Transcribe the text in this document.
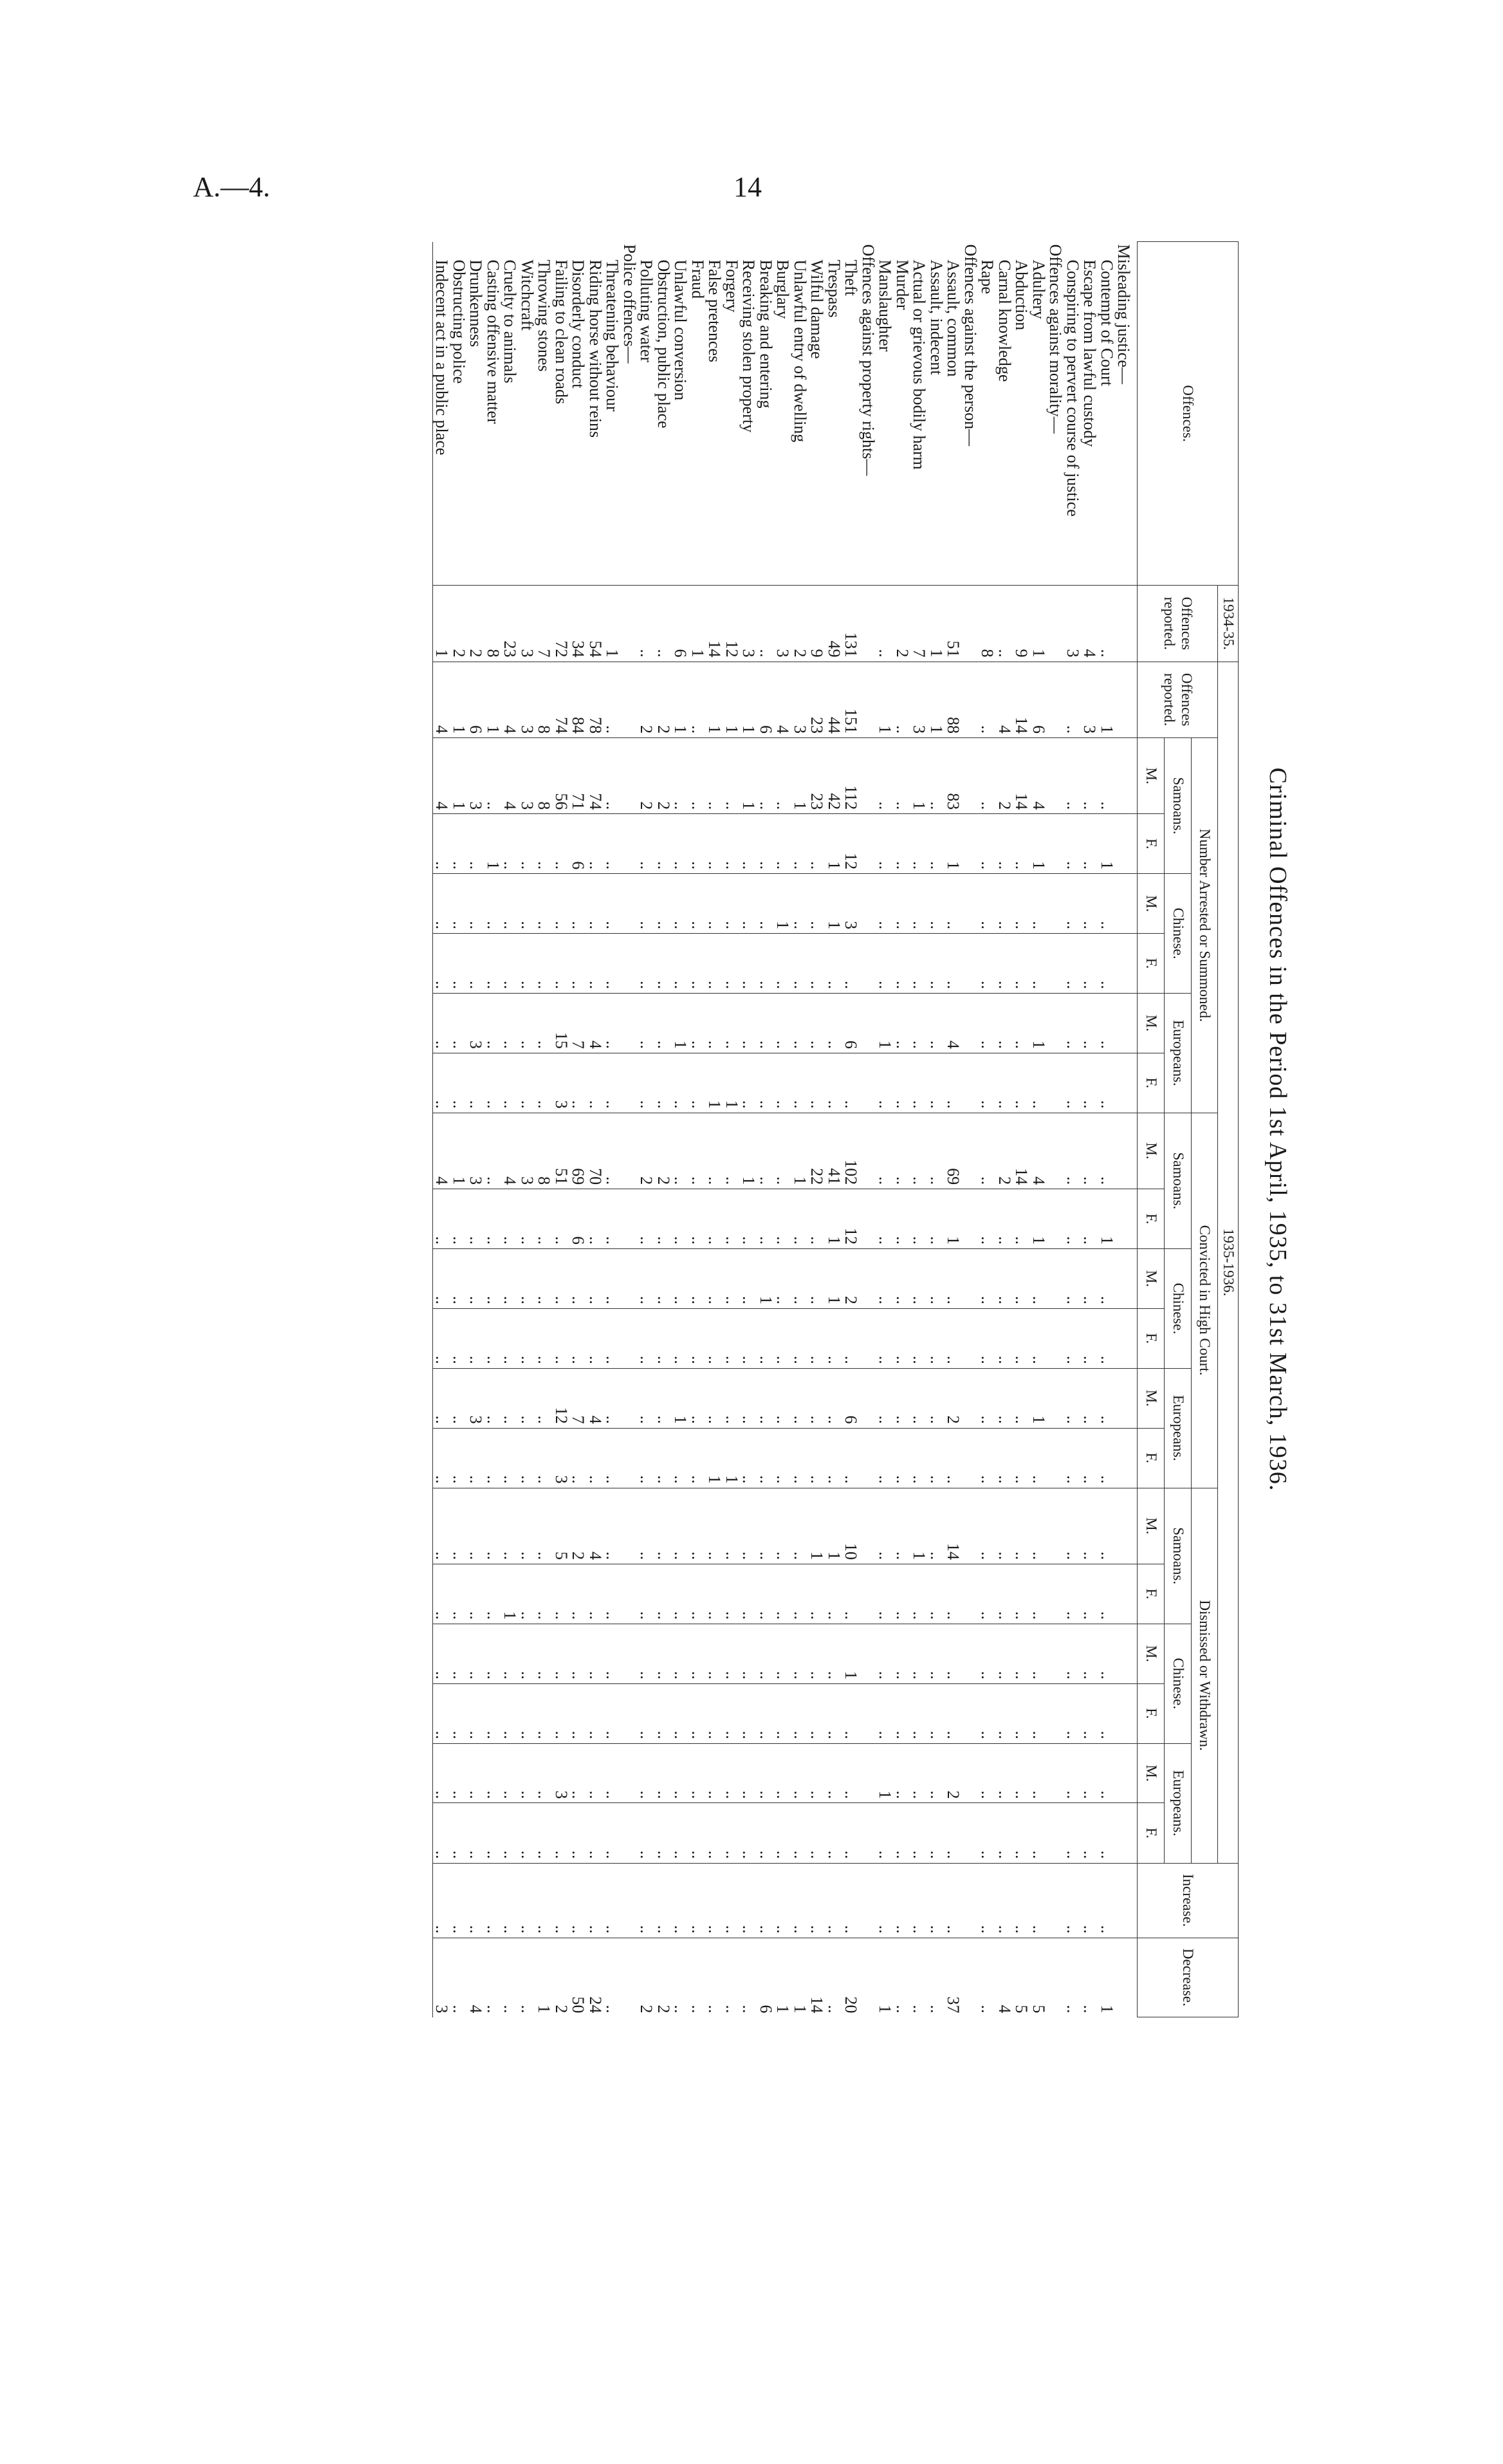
A.—4.	14
Criminal Offences in the Period 1st April, 1935, to 31st March, 1936.
Offences.	1934-35.	1935-1936.																			Increase.	Decrease.
	Offences reported.	Offences reported.	Number Arrested or Summoned.						Convicted in High Court.						Dismissed or Withdrawn.							
			Samoans.		Chinese.		Europeans.		Samoans.		Chinese.		Europeans.		Samoans.		Chinese.		Europeans.			
			M.	F.	M.	F.	M.	F.	M.	F.	M.	F.	M.	F.	M.	F.	M.	F.	M.	F.		
Misleading justice—																						
Contempt of Court	..	1	..	1	..	..	..	..	..	1	..	..	..	..	..	..	..	..	..	..	..	1
Escape from lawful custody	4	3	..	..	..	..	..	..	..	..	..	..	..	..	..	..	..	..	..	..	..	..
Conspiring to pervert course of justice	3	..	..	..	..	..	..	..	..	..	..	..	..	..	..	..	..	..	..	..	..	..
Offences against morality—																						
Adultery	1	6	4	1	..	..	1	..	4	1	..	..	1	..	..	..	..	..	..	..	..	5
Abduction	9	14	14	..	..	..	..	..	14	..	..	..	..	..	..	..	..	..	..	..	..	5
Carnal knowledge	..	4	2	..	..	..	..	..	2	..	..	..	..	..	..	..	..	..	..	..	..	4
Rape	8	..	..	..	..	..	..	..	..	..	..	..	..	..	..	..	..	..	..	..	..	..
Offences against the person—																						
Assault, common	51	88	83	1	..	..	4	..	69	1	..	..	2	..	14	..	..	..	2	..	..	37
Assault, indecent	1	1	..	..	..	..	..	..	..	..	..	..	..	..	..	..	..	..	..	..	..	..
Actual or grievous bodily harm	7	3	1	..	..	..	..	..	..	..	..	..	..	..	1	..	..	..	..	..	..	..
Murder	2	..	..	..	..	..	..	..	..	..	..	..	..	..	..	..	..	..	..	..	..	..
Manslaughter	..	1	..	..	..	..	1	..	..	..	..	..	..	..	..	..	..	..	1	..	..	1
Offences against property rights—																						
Theft	131	151	112	12	3	..	6	..	102	12	2	..	6	..	10	..	1	..	..	..	..	20
Trespass	49	44	42	1	1	..	..	..	41	1	1	..	..	..	1	..	..	..	..	..	..	..
Wilful damage	9	23	23	..	..	..	..	..	22	..	..	..	..	..	1	..	..	..	..	..	..	14
Unlawful entry of dwelling	2	3	1	..	..	..	..	..	1	..	..	..	..	..	..	..	..	..	..	..	..	1
Burglary	3	4	..	..	1	..	..	..	..	..	..	..	..	..	..	..	..	..	..	..	..	1
Breaking and entering	..	6	..	..	..	..	..	..	..	..	1	..	..	..	..	..	..	..	..	..	..	6
Receiving stolen property	3	1	1	..	..	..	..	..	1	..	..	..	..	..	..	..	..	..	..	..	..	..
Forgery	12	1	..	..	..	..	..	1	..	..	..	..	..	1	..	..	..	..	..	..	..	..
False pretences	14	1	..	..	..	..	..	1	..	..	..	..	..	1	..	..	..	..	..	..	..	..
Fraud	1	..	..	..	..	..	..	..	..	..	..	..	..	..	..	..	..	..	..	..	..	..
Unlawful conversion	6	1	..	..	..	..	1	..	..	..	..	..	1	..	..	..	..	..	..	..	..	..
Obstruction, public place	..	2	2	..	..	..	..	..	2	..	..	..	..	..	..	..	..	..	..	..	..	2
Polluting water	..	2	2	..	..	..	..	..	2	..	..	..	..	..	..	..	..	..	..	..	..	2
Police offences—																						
Threatening behaviour	1	..	..	..	..	..	..	..	..	..	..	..	..	..	..	..	..	..	..	..	..	..
Riding horse without reins	54	78	74	..	..	..	4	..	70	..	..	..	4	..	4	..	..	..	..	..	..	24
Disorderly conduct	34	84	71	6	..	..	7	..	69	6	..	..	7	..	2	..	..	..	..	..	..	50
Failing to clean roads	72	74	56	..	..	..	15	3	51	..	..	..	12	3	5	..	..	..	3	..	..	2
Throwing stones	7	8	8	..	..	..	..	..	8	..	..	..	..	..	..	..	..	..	..	..	..	1
Witchcraft	3	3	3	..	..	..	..	..	3	..	..	..	..	..	..	..	..	..	..	..	..	..
Cruelty to animals	23	4	4	..	..	..	..	..	4	..	..	..	..	..	..	1	..	..	..	..	..	..
Casting offensive matter	8	1	..	1	..	..	..	..	..	..	..	..	..	..	..	..	..	..	..	..	..	..
Drunkenness	2	6	3	..	..	..	3	..	3	..	..	..	3	..	..	..	..	..	..	..	..	4
Obstructing police	2	1	1	..	..	..	..	..	1	..	..	..	..	..	..	..	..	..	..	..	..	..
Indecent act in a public place	1	4	4	..	..	..	..	..	4	..	..	..	..	..	..	..	..	..	..	..	..	3
